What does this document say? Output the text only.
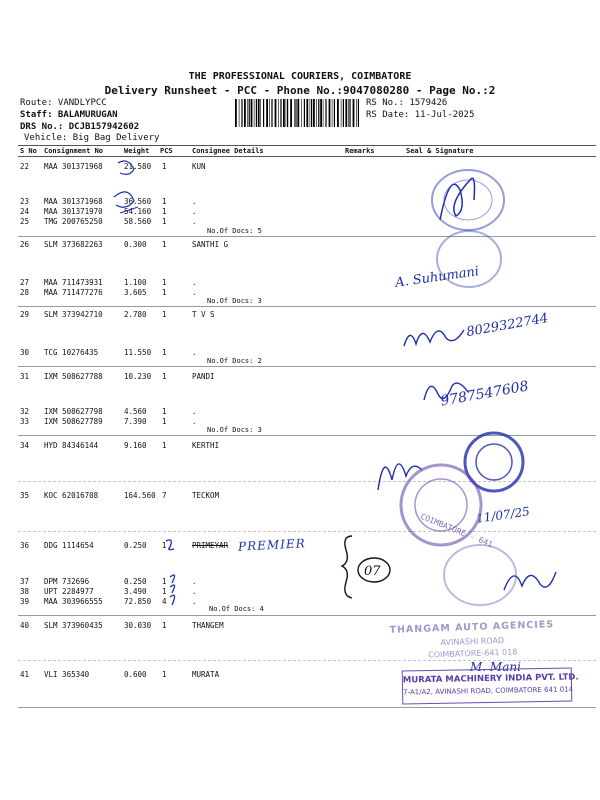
THE PROFESSIONAL COURIERS, COIMBATORE
Delivery Runsheet - PCC - Phone No.:9047080280 - Page No.:2
Route: VANDLYPCC
Staff: BALAMURUGAN
DRS No.: DCJB157942602
Vehicle: Big Bag Delivery
RS No.: 1579426
RS Date: 11-Jul-2025
S No Consignment No	Weight PCS	Consignee Details	Remarks	Seal & Signature
22 MAA 301371968	21.580 1	KUN
23 MAA 301371968	36.560 1	.
24 MAA 301371970	54.160 1	.
25 TMG 200765250	58.560 1	.
No.Of Docs: 5
26 SLM 373682263	0.300 1	SANTHI G
27 MAA 711473931	1.100 1	.
28 MAA 711477276	3.605 1	.
No.Of Docs: 3
29 SLM 373942710	2.780 1	T V S
30 TCG 10276435	11.550 1	.
No.Of Docs: 2
31 IXM 508627788	10.230 1	PANDI
32 IXM 508627798	4.560 1	.
33 IXM 508627789	7.390 1	.
No.Of Docs: 3
34 HYD 84346144	9.160 1	KERTHI
35 KOC 62016708	164.560 7	TECKOM
36 DDG 1114654	0.250 1	PRIMEYAR
37 DPM 732696	0.250 1	.
38 UPT 2284977	3.490 1	.
39 MAA 303966555	72.850 4	.
No.Of Docs: 4
40 SLM 373960435	30.030 1	THANGEM
41 VLI 365340	0.600 1	MURATA
PREMIER
07
A. Suhumani
8029322744
9787547608
11/07/25
M. Mani
COIMBATORE - 641
THANGAM AUTO AGENCIES
AVINASHI ROAD
COIMBATORE-641 018
MURATA MACHINERY INDIA PVT. LTD.
7-A1/A2, AVINASHI ROAD, COIMBATORE 641 014
